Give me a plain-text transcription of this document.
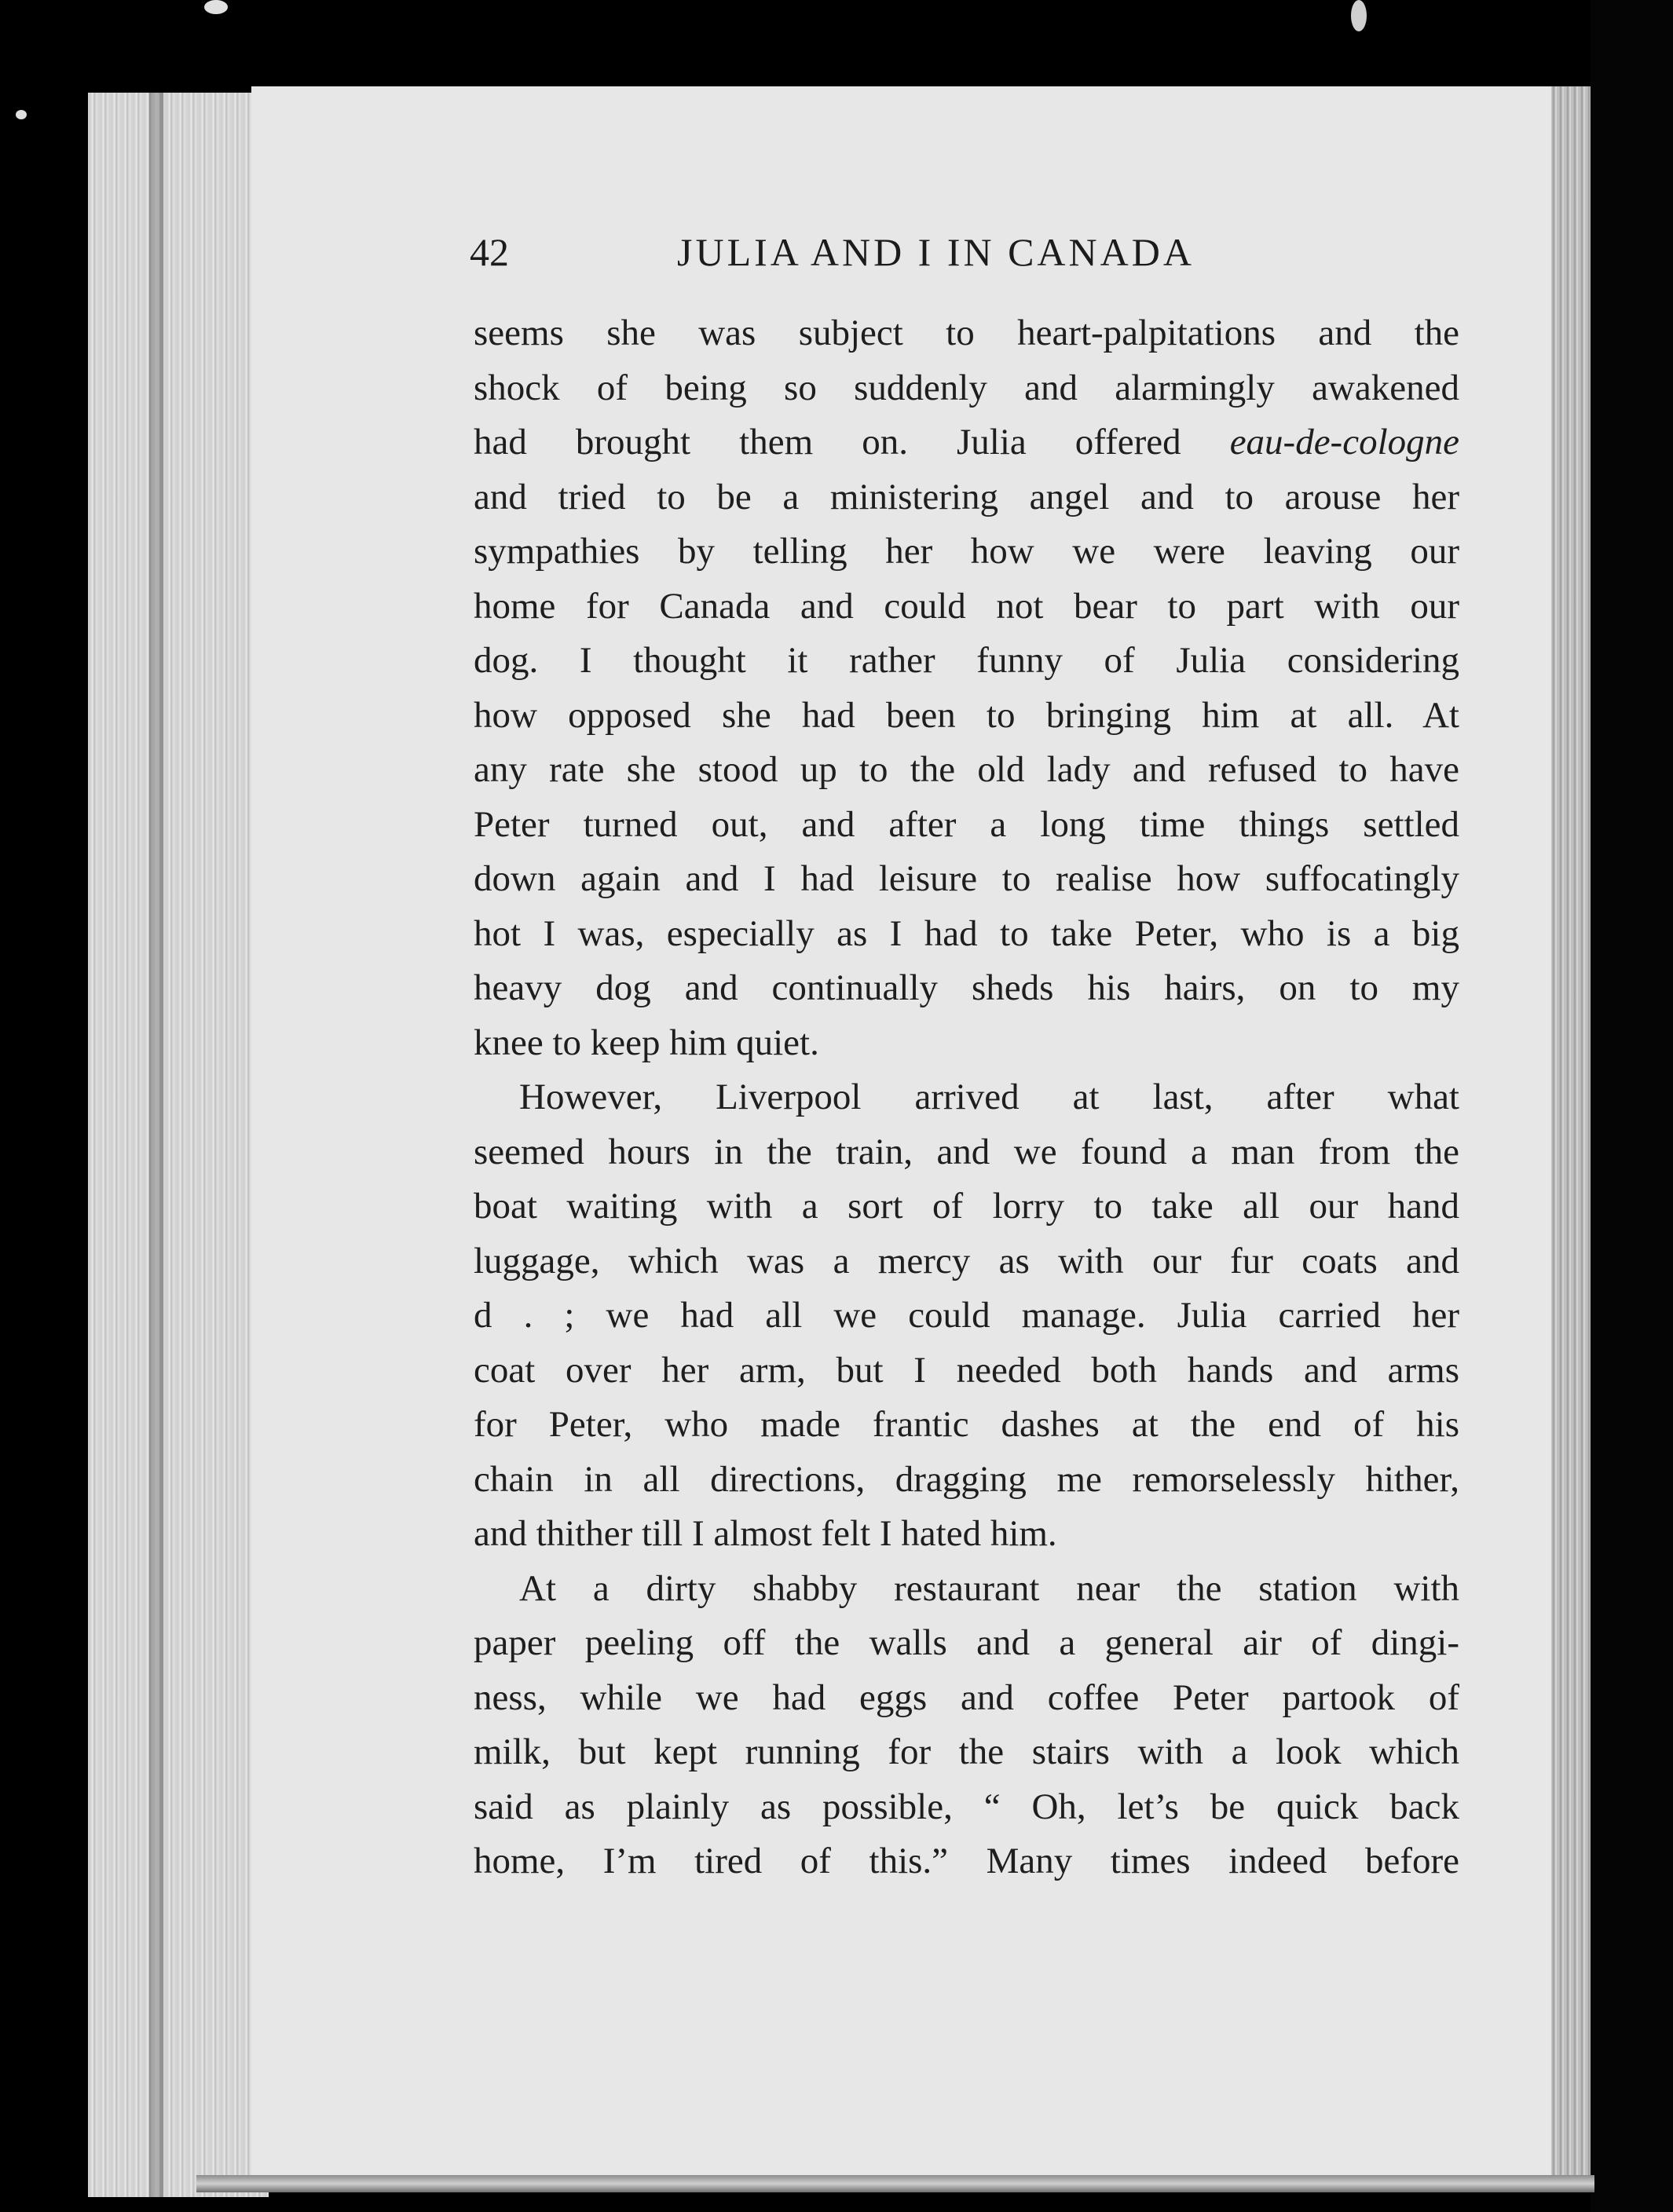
42	JULIA AND I IN CANADA
seems she was subject to heart-palpitations and the
shock of being so suddenly and alarmingly awakened
had brought them on. Julia offered eau-de-cologne
and tried to be a ministering angel and to arouse her
sympathies by telling her how we were leaving our
home for Canada and could not bear to part with our
dog. I thought it rather funny of Julia considering
how opposed she had been to bringing him at all. At
any rate she stood up to the old lady and refused to have
Peter turned out, and after a long time things settled
down again and I had leisure to realise how suffocatingly
hot I was, especially as I had to take Peter, who is a big
heavy dog and continually sheds his hairs, on to my
knee to keep him quiet.
However, Liverpool arrived at last, after what
seemed hours in the train, and we found a man from the
boat waiting with a sort of lorry to take all our hand
luggage, which was a mercy as with our fur coats and
d . ; we had all we could manage. Julia carried her
coat over her arm, but I needed both hands and arms
for Peter, who made frantic dashes at the end of his
chain in all directions, dragging me remorselessly hither,
and thither till I almost felt I hated him.
At a dirty shabby restaurant near the station with
paper peeling off the walls and a general air of dingi-
ness, while we had eggs and coffee Peter partook of
milk, but kept running for the stairs with a look which
said as plainly as possible, “ Oh, let’s be quick back
home, I’m tired of this.” Many times indeed before
